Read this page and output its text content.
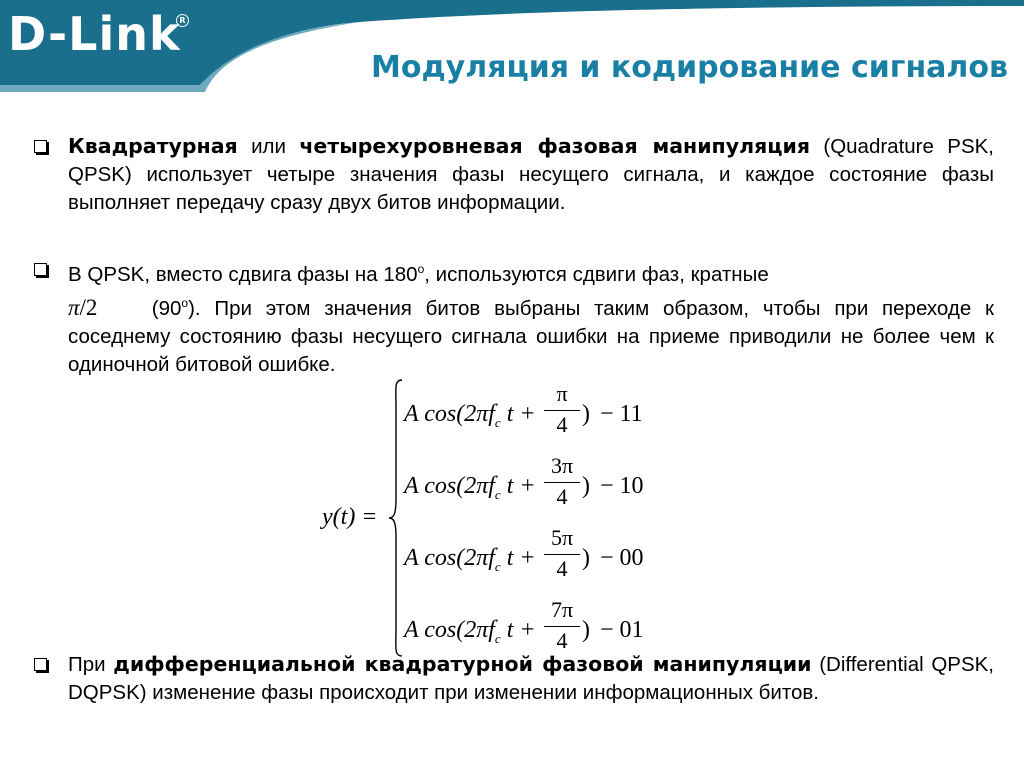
D-Link
R
Модуляция и кодирование сигналов
Квадратурная или четырехуровневая фазовая манипуляция (Quadrature PSK, QPSK) использует четыре значения фазы несущего сигнала, и каждое состояние фазы выполняет передачу сразу двух битов информации.
В QPSK, вместо сдвига фазы на $180^о$, используются сдвиги фаз, кратные
π/2 $(90^о)$. При этом значения битов выбраны таким образом, чтобы при переходе к соседнему состоянию фазы несущего сигнала ошибки на приеме приводили не более чем к одиночной битовой ошибке.
y(t) =
A $\cos(2\pi f_c$ t +
π
4 ) − 11
A $\cos(2\pi f_c$ t +
3π
4 ) − 10
A $\cos(2\pi f_c$ t +
5π
4 ) − 00
A $\cos(2\pi f_c$ t +
7π
4 ) − 01
При дифференциальной квадратурной фазовой манипуляции (Differential QPSK, DQPSK) изменение фазы происходит при изменении информационных битов.
